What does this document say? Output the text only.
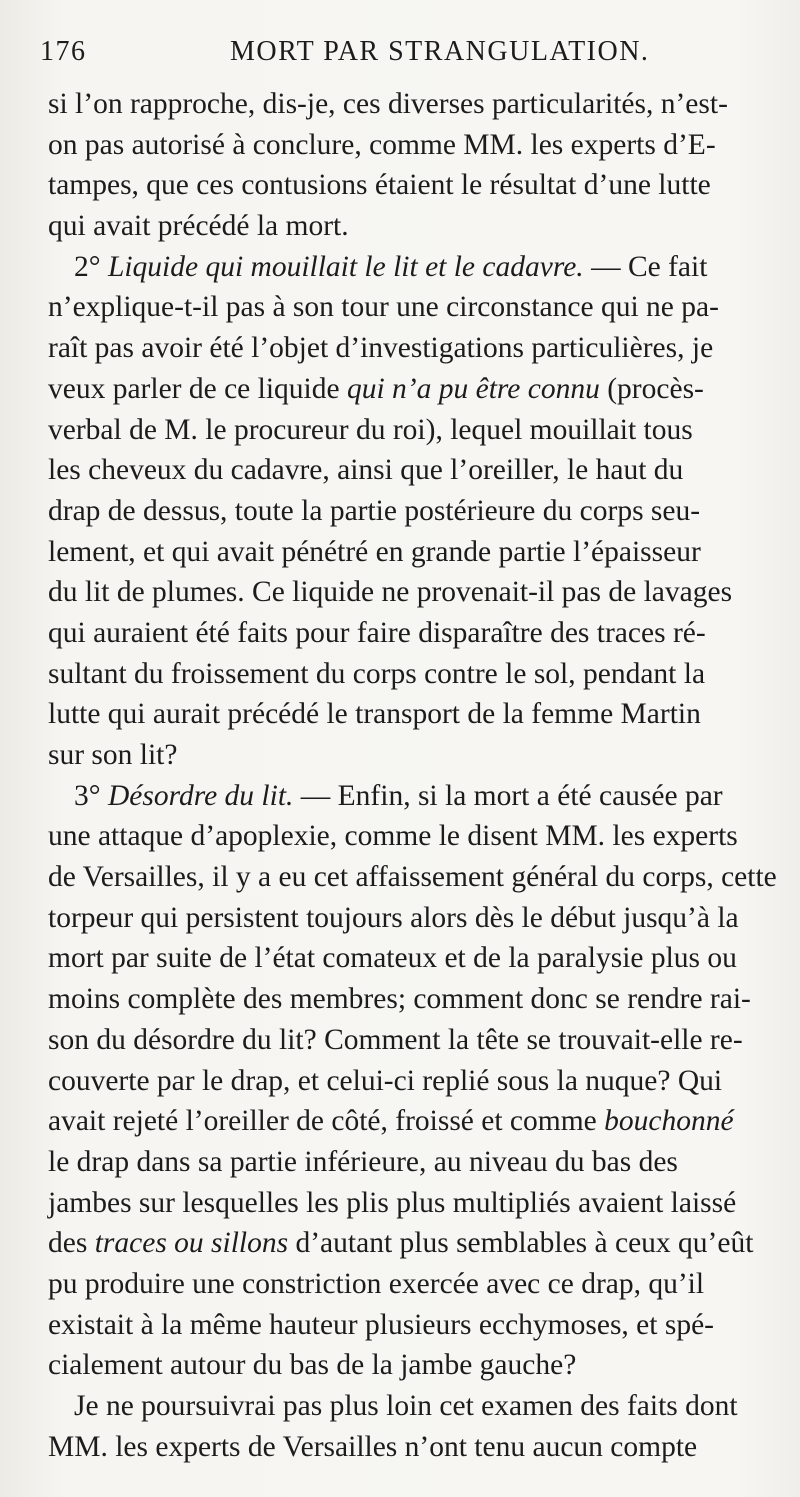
176	MORT PAR STRANGULATION.
si l’on rapproche, dis-je, ces diverses particularités, n’est-
on pas autorisé à conclure, comme MM. les experts d’E-
tampes, que ces contusions étaient le résultat d’une lutte
qui avait précédé la mort.
2° Liquide qui mouillait le lit et le cadavre. — Ce fait
n’explique-t-il pas à son tour une circonstance qui ne pa-
raît pas avoir été l’objet d’investigations particulières, je
veux parler de ce liquide qui n’a pu être connu (procès-
verbal de M. le procureur du roi), lequel mouillait tous
les cheveux du cadavre, ainsi que l’oreiller, le haut du
drap de dessus, toute la partie postérieure du corps seu-
lement, et qui avait pénétré en grande partie l’épaisseur
du lit de plumes. Ce liquide ne provenait-il pas de lavages
qui auraient été faits pour faire disparaître des traces ré-
sultant du froissement du corps contre le sol, pendant la
lutte qui aurait précédé le transport de la femme Martin
sur son lit?
3° Désordre du lit. — Enfin, si la mort a été causée par
une attaque d’apoplexie, comme le disent MM. les experts
de Versailles, il y a eu cet affaissement général du corps, cette
torpeur qui persistent toujours alors dès le début jusqu’à la
mort par suite de l’état comateux et de la paralysie plus ou
moins complète des membres; comment donc se rendre rai-
son du désordre du lit? Comment la tête se trouvait-elle re-
couverte par le drap, et celui-ci replié sous la nuque? Qui
avait rejeté l’oreiller de côté, froissé et comme bouchonné
le drap dans sa partie inférieure, au niveau du bas des
jambes sur lesquelles les plis plus multipliés avaient laissé
des traces ou sillons d’autant plus semblables à ceux qu’eût
pu produire une constriction exercée avec ce drap, qu’il
existait à la même hauteur plusieurs ecchymoses, et spé-
cialement autour du bas de la jambe gauche?
Je ne poursuivrai pas plus loin cet examen des faits dont
MM. les experts de Versailles n’ont tenu aucun compte
